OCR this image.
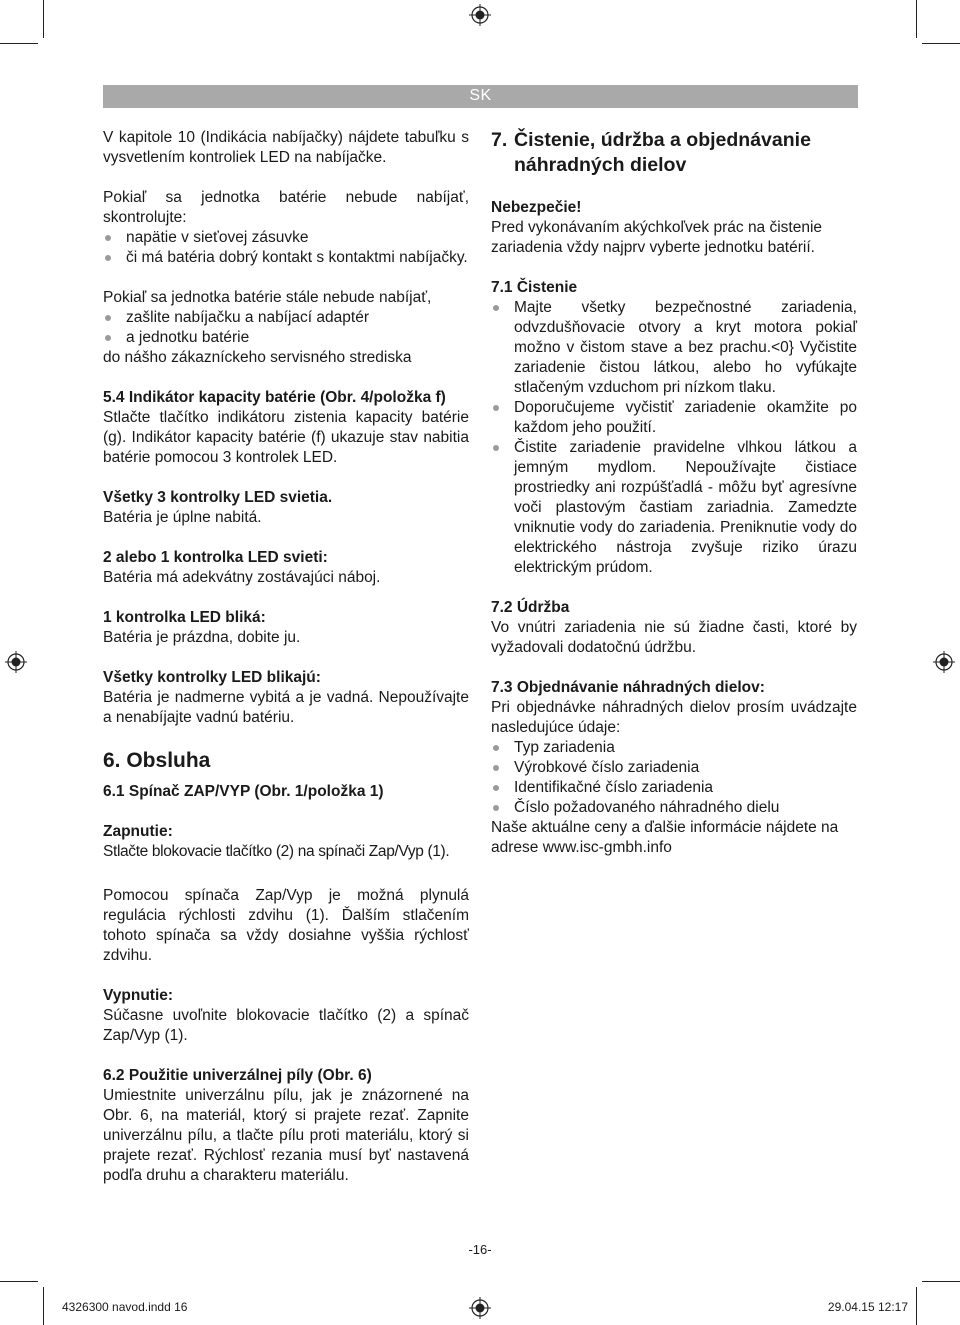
SK

V kapitole 10 (Indikácia nabíjačky) nájdete tabuľku s vysvetlením kontroliek LED na nabíjačke.

Pokiaľ sa jednotka batérie nebude nabíjať, skontrolujte:

napätie v sieťovej zásuvke
či má batéria dobrý kontakt s kontaktmi nabíjačky.

Pokiaľ sa jednotka batérie stále nebude nabíjať,

zašlite nabíjačku a nabíjací adaptér
a jednotku batérie

do nášho zákazníckeho servisného strediska

5.4 Indikátor kapacity batérie (Obr. 4/položka f)

Stlačte tlačítko indikátoru zistenia kapacity batérie (g). Indikátor kapacity batérie (f) ukazuje stav nabitia batérie pomocou 3 kontrolek LED.

Všetky 3 kontrolky LED svietia.

Batéria je úplne nabitá.

2 alebo 1 kontrolka LED svieti:

Batéria má adekvátny zostávajúci náboj.

1 kontrolka LED bliká:

Batéria je prázdna, dobite ju.

Všetky kontrolky LED blikajú:

Batéria je nadmerne vybitá a je vadná. Nepoužívajte a nenabíjajte vadnú batériu.

6. Obsluha

6.1 Spínač ZAP/VYP (Obr. 1/položka 1)

Zapnutie:

Stlačte blokovacie tlačítko (2) na spínači Zap/Vyp (1).

Pomocou spínača Zap/Vyp je možná plynulá regulácia rýchlosti zdvihu (1). Ďalším stlačením tohoto spínača sa vždy dosiahne vyššia rýchlosť zdvihu.

Vypnutie:

Súčasne uvoľnite blokovacie tlačítko (2) a spínač Zap/Vyp (1).

6.2 Použitie univerzálnej píly (Obr. 6)

Umiestnite univerzálnu pílu, jak je znázornené na Obr. 6, na materiál, ktorý si prajete rezať. Zapnite univerzálnu pílu, a tlačte pílu proti materiálu, ktorý si prajete rezať. Rýchlosť rezania musí byť nastavená podľa druhu a charakteru materiálu.

7. Čistenie, údržba a objednávanie
náhradných dielov

Nebezpečie!

Pred vykonávaním akýchkoľvek prác na čistenie zariadenia vždy najprv vyberte jednotku batérií.

7.1 Čistenie

Majte všetky bezpečnostné zariadenia, odvzdušňovacie otvory a kryt motora pokiaľ možno v čistom stave a bez prachu.<0} Vyčistite zariadenie čistou látkou, alebo ho vyfúkajte stlačeným vzduchom pri nízkom tlaku.
Doporučujeme vyčistiť zariadenie okamžite po každom jeho použití.
Čistite zariadenie pravidelne vlhkou látkou a jemným mydlom. Nepoužívajte čistiace prostriedky ani rozpúšťadlá - môžu byť agresívne voči plastovým častiam zariadnia. Zamedzte vniknutie vody do zariadenia. Preniknutie vody do elektrického nástroja zvyšuje riziko úrazu elektrickým prúdom.

7.2 Údržba

Vo vnútri zariadenia nie sú žiadne časti, ktoré by vyžadovali dodatočnú údržbu.

7.3 Objednávanie náhradných dielov:

Pri objednávke náhradných dielov prosím uvádzajte nasledujúce údaje:

Typ zariadenia
Výrobkové číslo zariadenia
Identifikačné číslo zariadenia
Číslo požadovaného náhradného dielu

Naše aktuálne ceny a ďalšie informácie nájdete na adrese www.isc-gmbh.info

-16-
4326300 navod.indd 16	29.04.15 12:17
